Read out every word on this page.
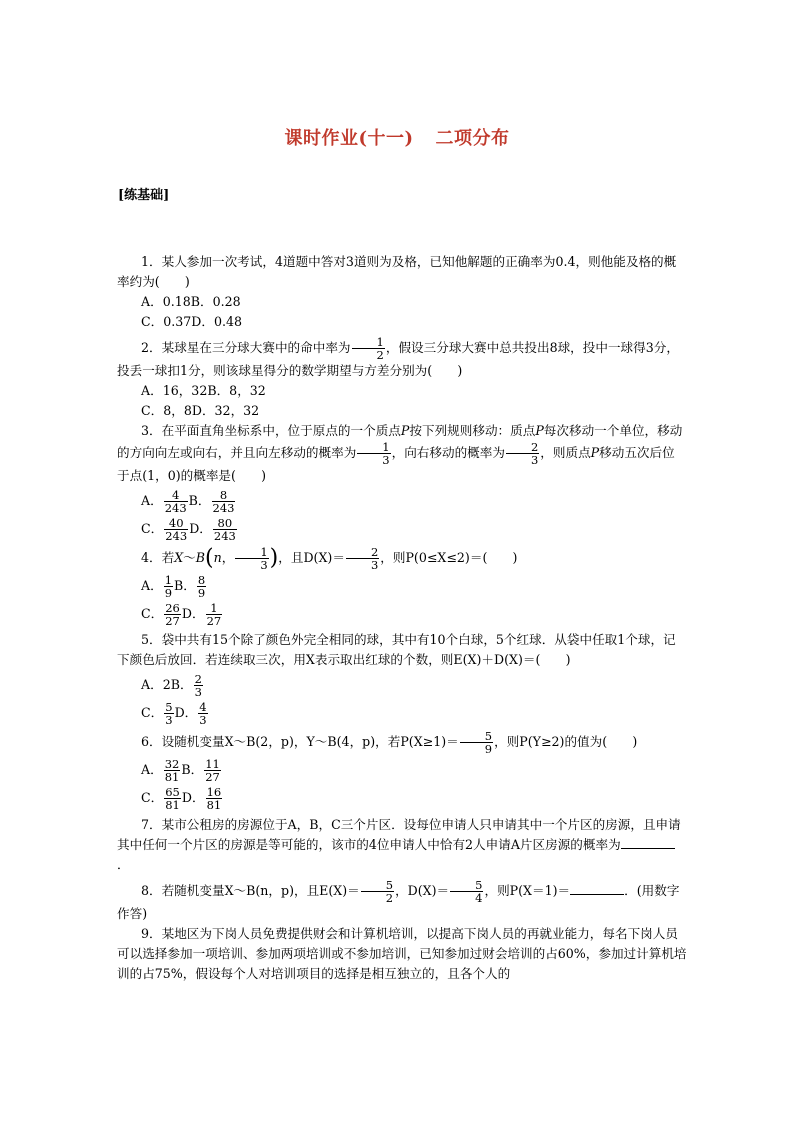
课时作业(十一) 二项分布
[练基础]

1．某人参加一次考试，4道题中答对3道则为及格，已知他解题的正确率为0.4，则他能及格的概率约为(　　)

A．0.18B．0.28

C．0.37D．0.48

2．某球星在三分球大赛中的命中率为 $\frac{1}{2}$ ，假设三分球大赛中总共投出8球，投中一球得3分，投丢一球扣1分，则该球星得分的数学期望与方差分别为(　　)

A．16，32B．8，32

C．8，8D．32，32

3．在平面直角坐标系中，位于原点的一个质点P按下列规则移动：质点P每次移动一个单位，移动的方向向左或向右，并且向左移动的概率为 $\frac{1}{3}$ ，向右移动的概率为 $\frac{2}{3}$ ，则质点P移动五次后位于点(1，0)的概率是(　　)

A． $\frac{4}{243}$ B． $\frac{8}{243}$

C． $\frac{40}{243}$ D． $\frac{80}{243}$

4．若X～B(n， $\frac{1}{3}$ )，且$D(X)= \frac{2}{3}$ ，则P(0≤X≤2)＝(　　)

A． $\frac{1}{9}$ B． $\frac{8}{9}$

C． $\frac{26}{27}$ D． $\frac{1}{27}$

5．袋中共有15个除了颜色外完全相同的球，其中有10个白球，5个红球．从袋中任取1个球，记下颜色后放回．若连续取三次，用X表示取出红球的个数，则E(X)＋D(X)＝(　　)

A．2B． $\frac{2}{3}$

C． $\frac{5}{3}$ D． $\frac{4}{3}$

6．设随机变量X～B(2，p)，Y～B(4，p)，若$P(X\ge 1)= \frac{5}{9}$ ，则P(Y≥2)的值为(　　)

A． $\frac{32}{81}$ B． $\frac{11}{27}$

C． $\frac{65}{81}$ D． $\frac{16}{81}$

7．某市公租房的房源位于A，B，C三个片区．设每位申请人只申请其中一个片区的房源，且申请其中任何一个片区的房源是等可能的，该市的4位申请人中恰有2人申请A片区房源的概率为．

8．若随机变量X～B(n，p)，且$E(X)= \frac{5}{2}$ ，$D(X)= \frac{5}{4}$ ，则P(X＝1)＝	．(用数字作答)

9．某地区为下岗人员免费提供财会和计算机培训，以提高下岗人员的再就业能力，每名下岗人员可以选择参加一项培训、参加两项培训或不参加培训，已知参加过财会培训的占60%，参加过计算机培训的占75%，假设每个人对培训项目的选择是相互独立的，且各个人的
